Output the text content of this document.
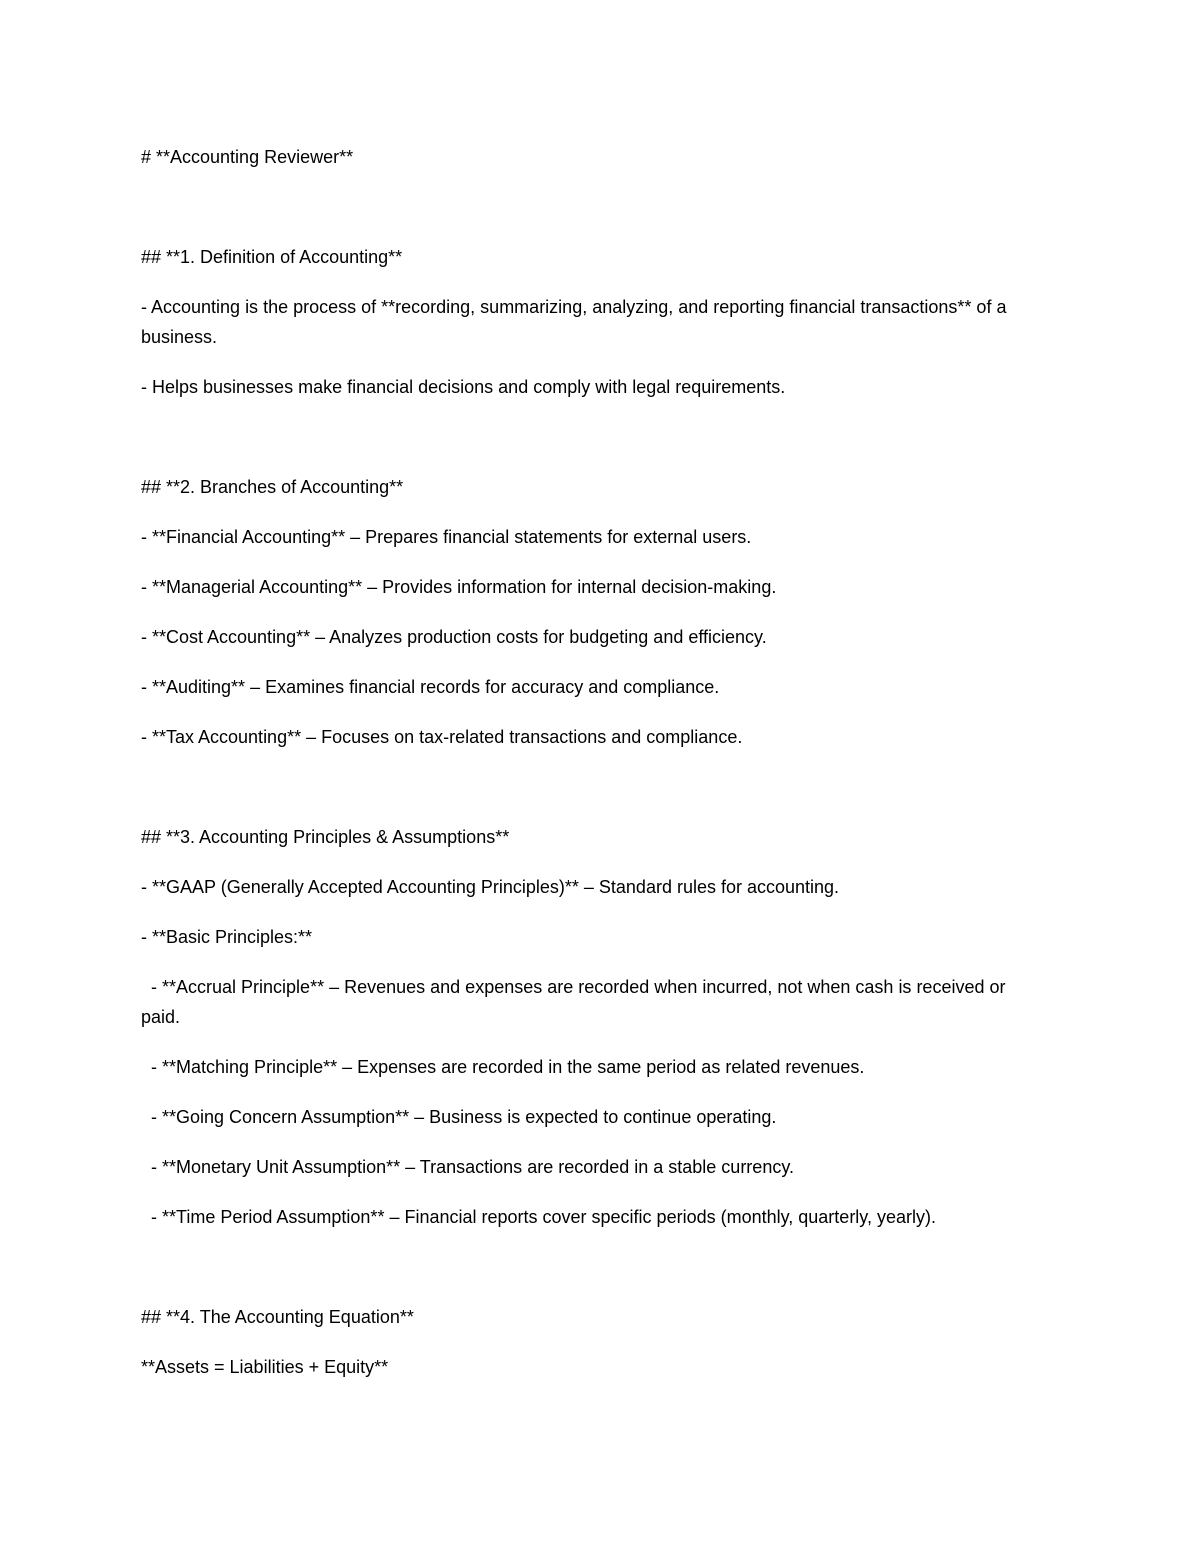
# **Accounting Reviewer**

## **1. Definition of Accounting**

- Accounting is the process of **recording, summarizing, analyzing, and reporting financial transactions** of a business.

- Helps businesses make financial decisions and comply with legal requirements.

## **2. Branches of Accounting**

- **Financial Accounting** – Prepares financial statements for external users.

- **Managerial Accounting** – Provides information for internal decision-making.

- **Cost Accounting** – Analyzes production costs for budgeting and efficiency.

- **Auditing** – Examines financial records for accuracy and compliance.

- **Tax Accounting** – Focuses on tax-related transactions and compliance.

## **3. Accounting Principles & Assumptions**

- **GAAP (Generally Accepted Accounting Principles)** – Standard rules for accounting.

- **Basic Principles:**

- **Accrual Principle** – Revenues and expenses are recorded when incurred, not when cash is received or paid.

- **Matching Principle** – Expenses are recorded in the same period as related revenues.

- **Going Concern Assumption** – Business is expected to continue operating.

- **Monetary Unit Assumption** – Transactions are recorded in a stable currency.

- **Time Period Assumption** – Financial reports cover specific periods (monthly, quarterly, yearly).

## **4. The Accounting Equation**

**Assets = Liabilities + Equity**
